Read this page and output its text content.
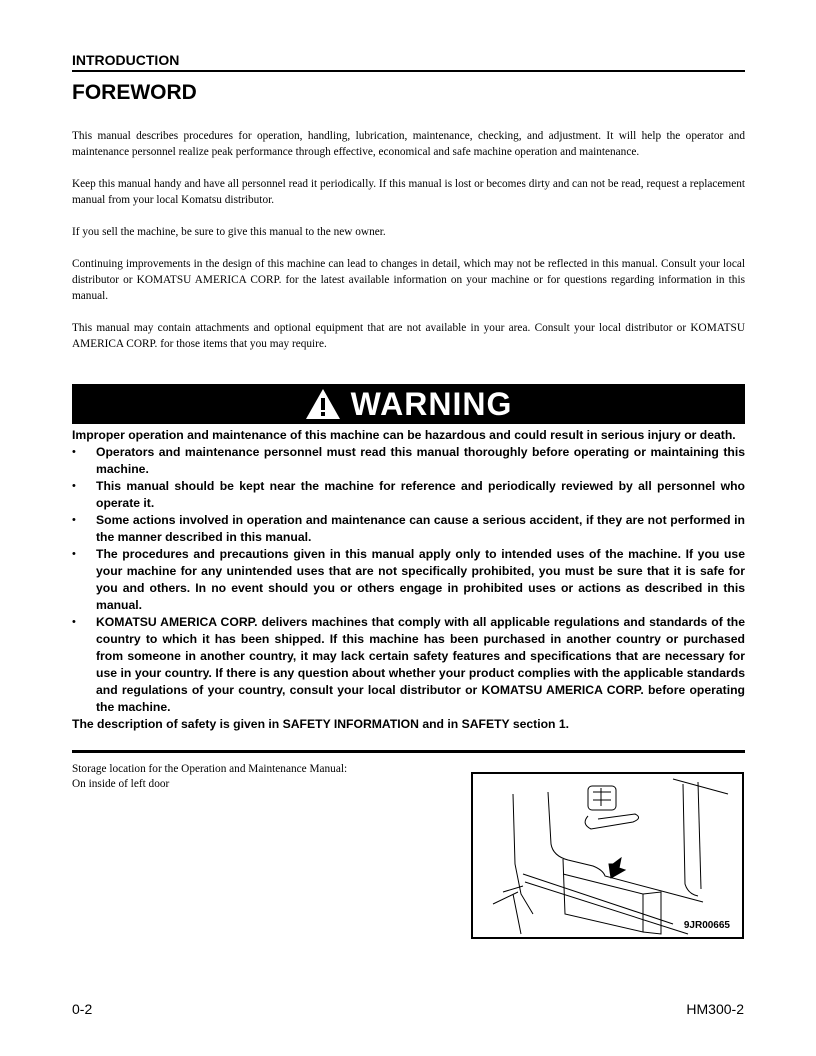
INTRODUCTION
FOREWORD

This manual describes procedures for operation, handling, lubrication, maintenance, checking, and adjustment. It will help the operator and maintenance personnel realize peak performance through effective, economical and safe machine operation and maintenance.

Keep this manual handy and have all personnel read it periodically. If this manual is lost or becomes dirty and can not be read, request a replacement manual from your local Komatsu distributor.

If you sell the machine, be sure to give this manual to the new owner.

Continuing improvements in the design of this machine can lead to changes in detail, which may not be reflected in this manual. Consult your local distributor or KOMATSU AMERICA CORP. for the latest available information on your machine or for questions regarding information in this manual.

This manual may contain attachments and optional equipment that are not available in your area. Consult your local distributor or KOMATSU AMERICA CORP. for those items that you may require.

WARNING
Improper operation and maintenance of this machine can be hazardous and could result in serious injury or death.
• Operators and maintenance personnel must read this manual thoroughly before operating or maintaining this machine.
• This manual should be kept near the machine for reference and periodically reviewed by all personnel who operate it.
• Some actions involved in operation and maintenance can cause a serious accident, if they are not performed in the manner described in this manual.
• The procedures and precautions given in this manual apply only to intended uses of the machine. If you use your machine for any unintended uses that are not specifically prohibited, you must be sure that it is safe for you and others. In no event should you or others engage in prohibited uses or actions as described in this manual.
• KOMATSU AMERICA CORP. delivers machines that comply with all applicable regulations and standards of the country to which it has been shipped. If this machine has been purchased in another country or purchased from someone in another country, it may lack certain safety features and specifications that are necessary for use in your country. If there is any question about whether your product complies with the applicable standards and regulations of your country, consult your local distributor or KOMATSU AMERICA CORP. before operating the machine.
The description of safety is given in SAFETY INFORMATION and in SAFETY section 1.
Storage location for the Operation and Maintenance Manual:
On inside of left door
9JR00665
0-2	HM300-2
